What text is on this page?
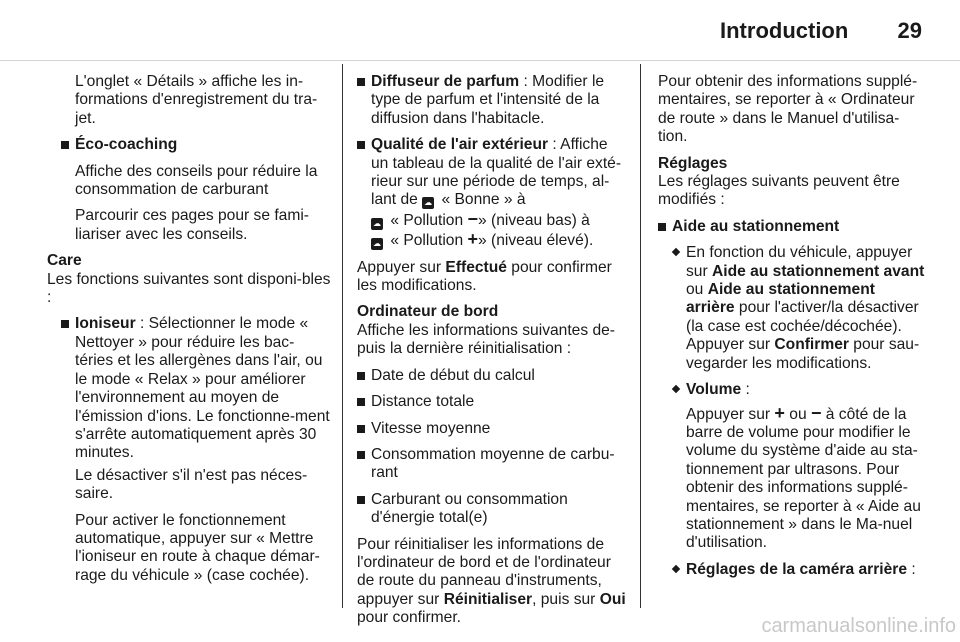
Introduction	29

L'onglet « Détails » affiche les in-formations d'enregistrement du tra-jet.

Éco-coaching

Affiche des conseils pour réduire la consommation de carburant

Parcourir ces pages pour se fami-liariser avec les conseils.

Care

Les fonctions suivantes sont disponi-bles :

Ioniseur : Sélectionner le mode « Nettoyer » pour réduire les bac-téries et les allergènes dans l'air, ou le mode « Relax » pour améliorer l'environnement au moyen de l'émission d'ions. Le fonctionne-ment s'arrête automatiquement après 30 minutes.

Le désactiver s'il n'est pas néces-saire.

Pour activer le fonctionnement automatique, appuyer sur « Mettre l'ioniseur en route à chaque démar-rage du véhicule » (case cochée).

Diffuseur de parfum : Modifier le type de parfum et l'intensité de la diffusion dans l'habitacle.
Qualité de l'air extérieur : Affiche un tableau de la qualité de l'air exté-rieur sur une période de temps, al-lant de ☁ « Bonne » à
☁ « Pollution −» (niveau bas) à
☁ « Pollution +» (niveau élevé).

Appuyer sur Effectué pour confirmer les modifications.

Ordinateur de bord

Affiche les informations suivantes de-puis la dernière réinitialisation :

Date de début du calcul
Distance totale
Vitesse moyenne
Consommation moyenne de carbu-rant
Carburant ou consommation d'énergie total(e)

Pour réinitialiser les informations de l'ordinateur de bord et de l'ordinateur de route du panneau d'instruments, appuyer sur Réinitialiser, puis sur Oui pour confirmer.

Pour obtenir des informations supplé-mentaires, se reporter à « Ordinateur de route » dans le Manuel d'utilisa-tion.

Réglages

Les réglages suivants peuvent être modifiés :

Aide au stationnement
En fonction du véhicule, appuyer sur Aide au stationnement avant ou Aide au stationnement arrière pour l'activer/la désactiver (la case est cochée/décochée). Appuyer sur Confirmer pour sau-vegarder les modifications.
Volume :

Appuyer sur + ou − à côté de la barre de volume pour modifier le volume du système d'aide au sta-tionnement par ultrasons. Pour obtenir des informations supplé-mentaires, se reporter à « Aide au stationnement » dans le Ma-nuel d'utilisation.

Réglages de la caméra arrière :
carmanualsonline.info
